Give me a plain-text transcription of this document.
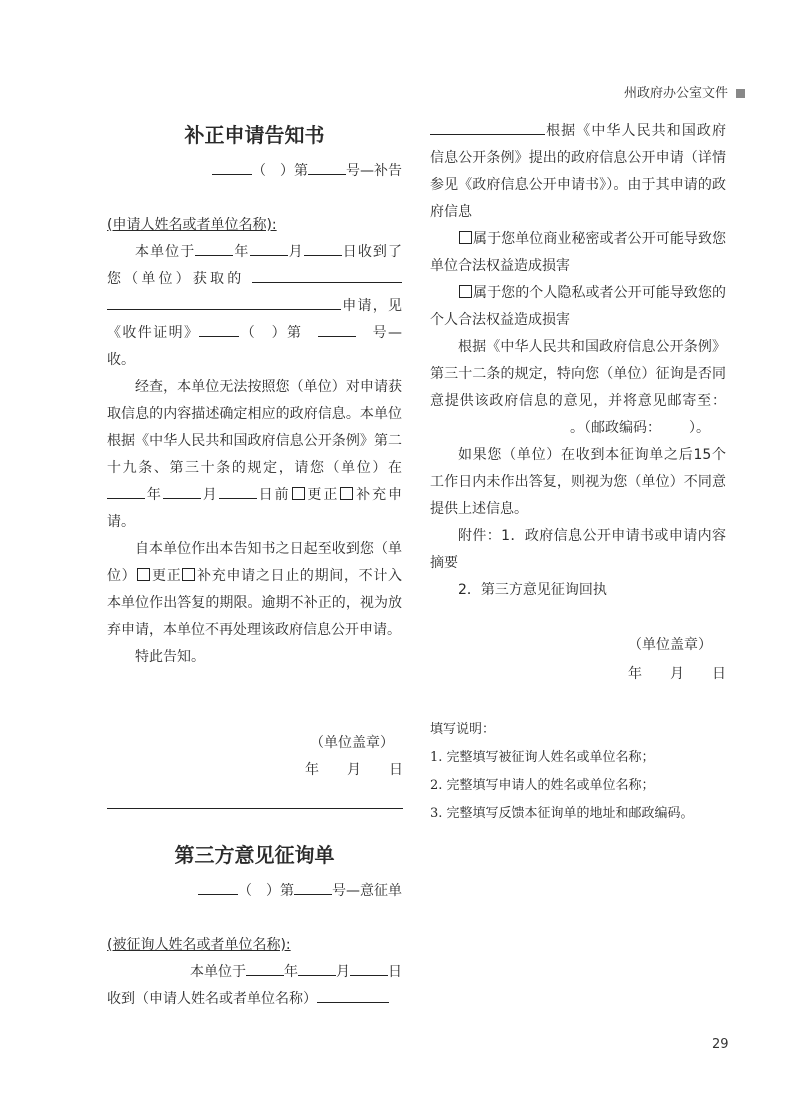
州政府办公室文件
补正申请告知书

（　）第	号—补告

(申请人姓名或者单位名称):

本单位于	年	月	日收到了您（单位）获取的 申请，见《收件证明》	（　）第　　	号—收。

经查，本单位无法按照您（单位）对申请获取信息的内容描述确定相应的政府信息。本单位根据《中华人民共和国政府信息公开条例》第二十九条、第三十条的规定，请您（单位）在年	月	日前 更正 补充申请。

自本单位作出本告知书之日起至收到您（单位） 更正 补充申请之日止的期间，不计入本单位作出答复的期限。逾期不补正的，视为放弃申请，本单位不再处理该政府信息公开申请。

特此告知。

（单位盖章）
年　　月　　日
第三方意见征询单

（　）第	号—意征单

(被征询人姓名或者单位名称):

本单位于	年	月	日

收到（申请人姓名或者单位名称）

根据《中华人民共和国政府信息公开条例》提出的政府信息公开申请（详情参见《政府信息公开申请书》）。由于其申请的政府信息

属于您单位商业秘密或者公开可能导致您单位合法权益造成损害

属于您的个人隐私或者公开可能导致您的个人合法权益造成损害

根据《中华人民共和国政府信息公开条例》第三十二条的规定，特向您（单位）征询是否同意提供该政府信息的意见，并将意见邮寄至：。（邮政编码： ）。

如果您（单位）在收到本征询单之后15个工作日内未作出答复，则视为您（单位）不同意提供上述信息。

附件：1．政府信息公开申请书或申请内容摘要

2．第三方意见征询回执

（单位盖章）
年　　月　　日

填写说明：

1. 完整填写被征询人姓名或单位名称；

2. 完整填写申请人的姓名或单位名称；

3. 完整填写反馈本征询单的地址和邮政编码。

29
